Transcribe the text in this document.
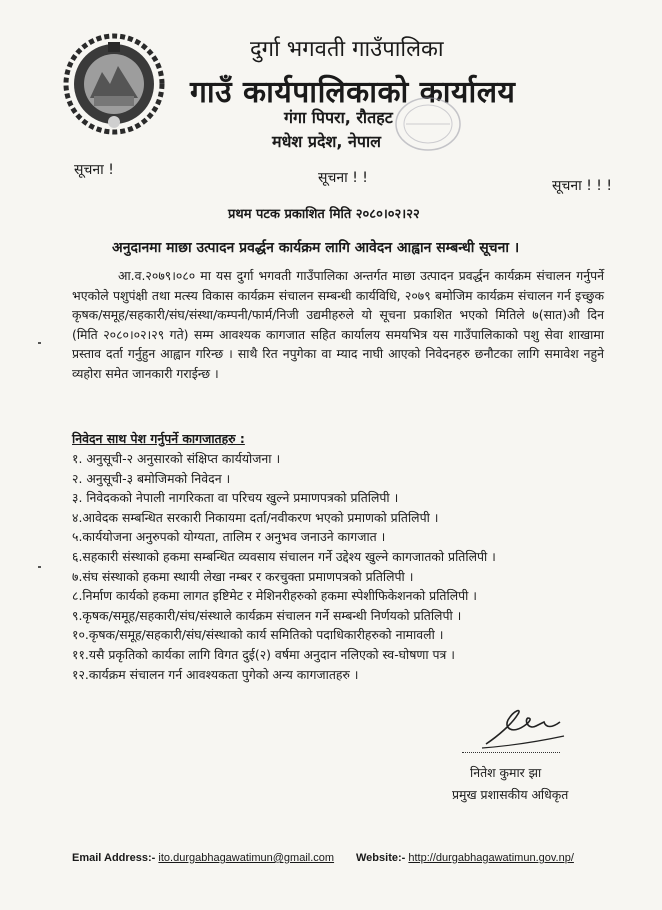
दुर्गा भगवती गाउँपालिका
गाउँ कार्यपालिकाको कार्यालय
गंगा पिपरा, रौतहट
मधेश प्रदेश, नेपाल
सूचना !	सूचना ! !	सूचना ! ! !
प्रथम पटक प्रकाशित मिति २०८०।०२।२२
अनुदानमा माछा उत्पादन प्रवर्द्धन कार्यक्रम लागि आवेदन आह्वान सम्बन्धी सूचना ।
आ.व.२०७९।०८० मा यस दुर्गा भगवती गाउँपालिका अन्तर्गत माछा उत्पादन प्रवर्द्धन कार्यक्रम संचालन गर्नुपर्ने भएकोले पशुपंक्षी तथा मत्स्य विकास कार्यक्रम संचालन सम्बन्धी कार्यविधि, २०७९ बमोजिम कार्यक्रम संचालन गर्न इच्छुक कृषक/समूह/सहकारी/संघ/संस्था/कम्पनी/फार्म/निजी उद्यमीहरुले यो सूचना प्रकाशित भएको मितिले ७(सात)औ दिन (मिति २०८०।०२।२९ गते) सम्म आवश्यक कागजात सहित कार्यालय समयभित्र यस गाउँपालिकाको पशु सेवा शाखामा प्रस्ताव दर्ता गर्नुहुन आह्वान गरिन्छ । साथै रित नपुगेका वा म्याद नाघी आएको निवेदनहरु छनौटका लागि समावेश नहुने व्यहोरा समेत जानकारी गराईन्छ ।
निवेदन साथ पेश गर्नुपर्ने कागजातहरु :
१. अनुसूची-२ अनुसारको संक्षिप्त कार्ययोजना ।
२. अनुसूची-३ बमोजिमको निवेदन ।
३. निवेदकको नेपाली नागरिकता वा परिचय खुल्ने प्रमाणपत्रको प्रतिलिपी ।
४.आवेदक सम्बन्धित सरकारी निकायमा दर्ता/नवीकरण भएको प्रमाणको प्रतिलिपी ।
५.कार्ययोजना अनुरुपको योग्यता, तालिम र अनुभव जनाउने कागजात ।
६.सहकारी संस्थाको हकमा सम्बन्धित व्यवसाय संचालन गर्ने उद्देश्य खुल्ने कागजातको प्रतिलिपी ।
७.संघ संस्थाको हकमा स्थायी लेखा नम्बर र करचुक्ता प्रमाणपत्रको प्रतिलिपी ।
८.निर्माण कार्यको हकमा लागत इष्टिमेट र मेशिनरीहरुको हकमा स्पेशीफिकेशनको प्रतिलिपी ।
९.कृषक/समूह/सहकारी/संघ/संस्थाले कार्यक्रम संचालन गर्ने सम्बन्धी निर्णयको प्रतिलिपी ।
१०.कृषक/समूह/सहकारी/संघ/संस्थाको कार्य समितिको पदाधिकारीहरुको नामावली ।
११.यसै प्रकृतिको कार्यका लागि विगत दुई(२) वर्षमा अनुदान नलिएको स्व-घोषणा पत्र ।
१२.कार्यक्रम संचालन गर्न आवश्यकता पुगेको अन्य कागजातहरु ।
नितेश कुमार झा
प्रमुख प्रशासकीय अधिकृत
Email Address:- ito.durgabhagawatimun@gmail.com Website:- http://durgabhagawatimun.gov.np/
